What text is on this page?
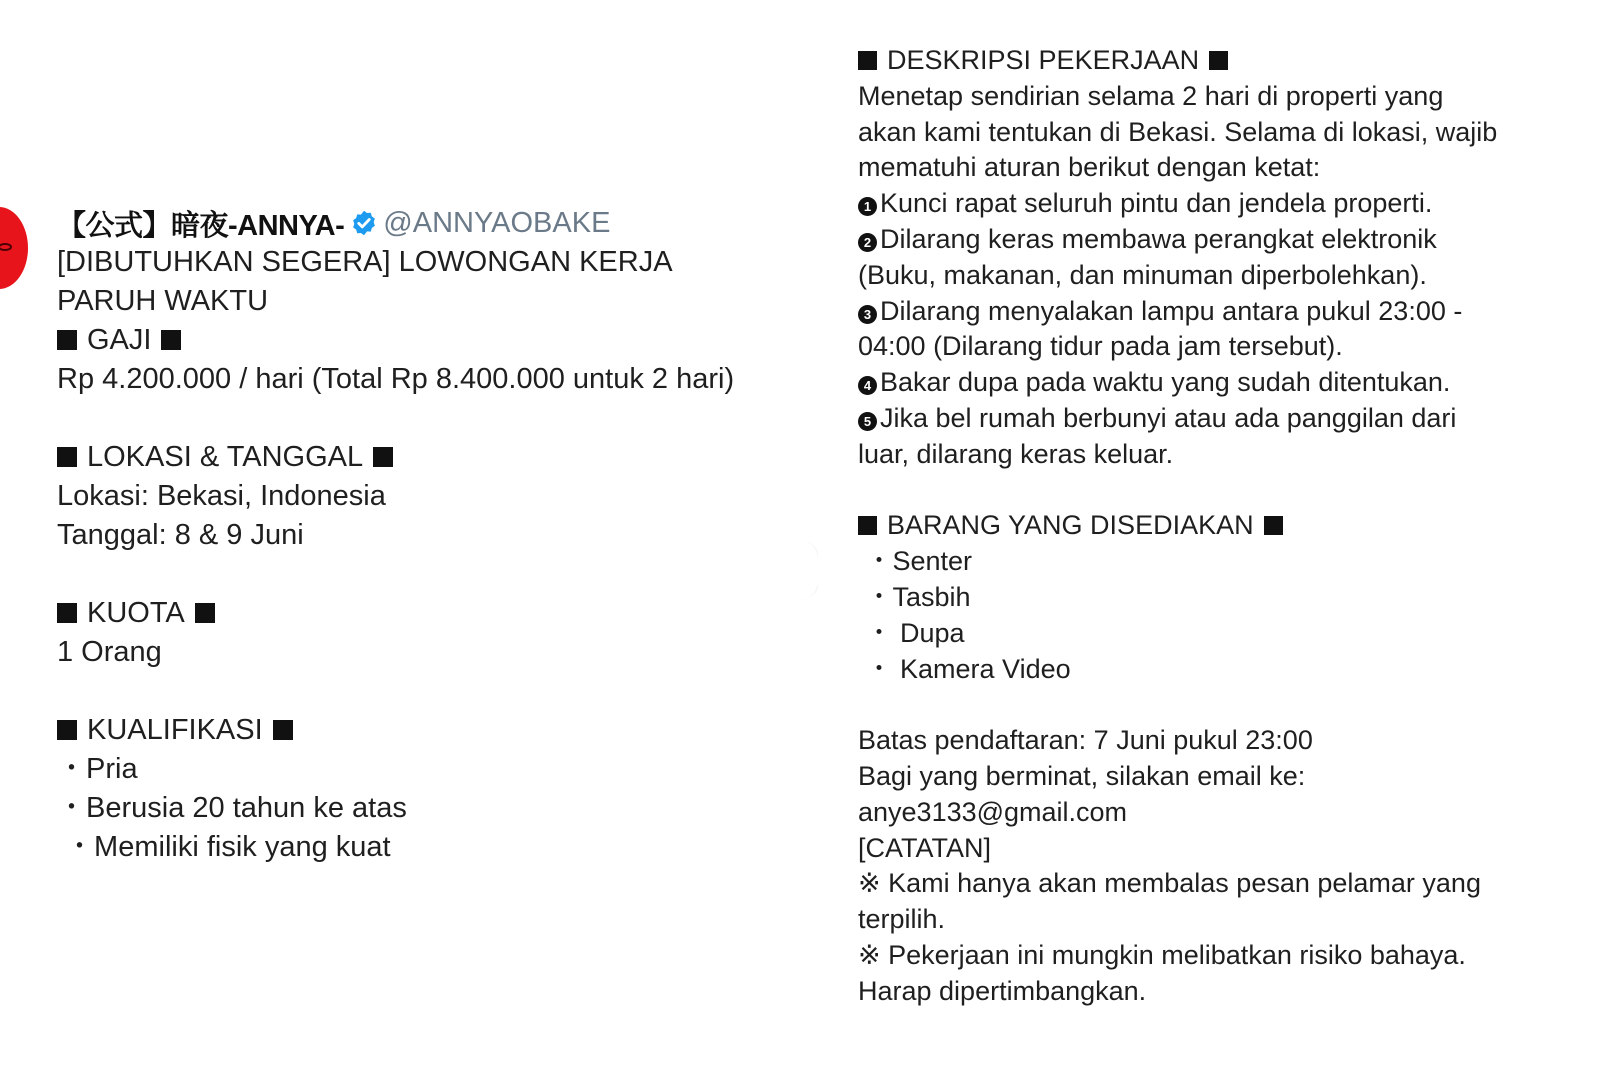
【公式】暗夜-ANNYA- @ANNYAOBAKE
[DIBUTUHKAN SEGERA] LOWONGAN KERJA
PARUH WAKTU
GAJI
Rp 4.200.000 / hari (Total Rp 8.400.000 untuk 2 hari)
LOKASI & TANGGAL
Lokasi: Bekasi, Indonesia
Tanggal: 8 & 9 Juni
KUOTA
1 Orang
KUALIFIKASI
・Pria
・Berusia 20 tahun ke atas
・Memiliki fisik yang kuat
DESKRIPSI PEKERJAAN
Menetap sendirian selama 2 hari di properti yang
akan kami tentukan di Bekasi. Selama di lokasi, wajib
mematuhi aturan berikut dengan ketat:
1 Kunci rapat seluruh pintu dan jendela properti.
2 Dilarang keras membawa perangkat elektronik
(Buku, makanan, dan minuman diperbolehkan).
3 Dilarang menyalakan lampu antara pukul 23:00 -
04:00 (Dilarang tidur pada jam tersebut).
4 Bakar dupa pada waktu yang sudah ditentukan.
5 Jika bel rumah berbunyi atau ada panggilan dari
luar, dilarang keras keluar.
BARANG YANG DISEDIAKAN
・Senter
・Tasbih
・ Dupa
・ Kamera Video
Batas pendaftaran: 7 Juni pukul 23:00
Bagi yang berminat, silakan email ke:
anye3133@gmail.com
[CATATAN]
※ Kami hanya akan membalas pesan pelamar yang
terpilih.
※ Pekerjaan ini mungkin melibatkan risiko bahaya.
Harap dipertimbangkan.
